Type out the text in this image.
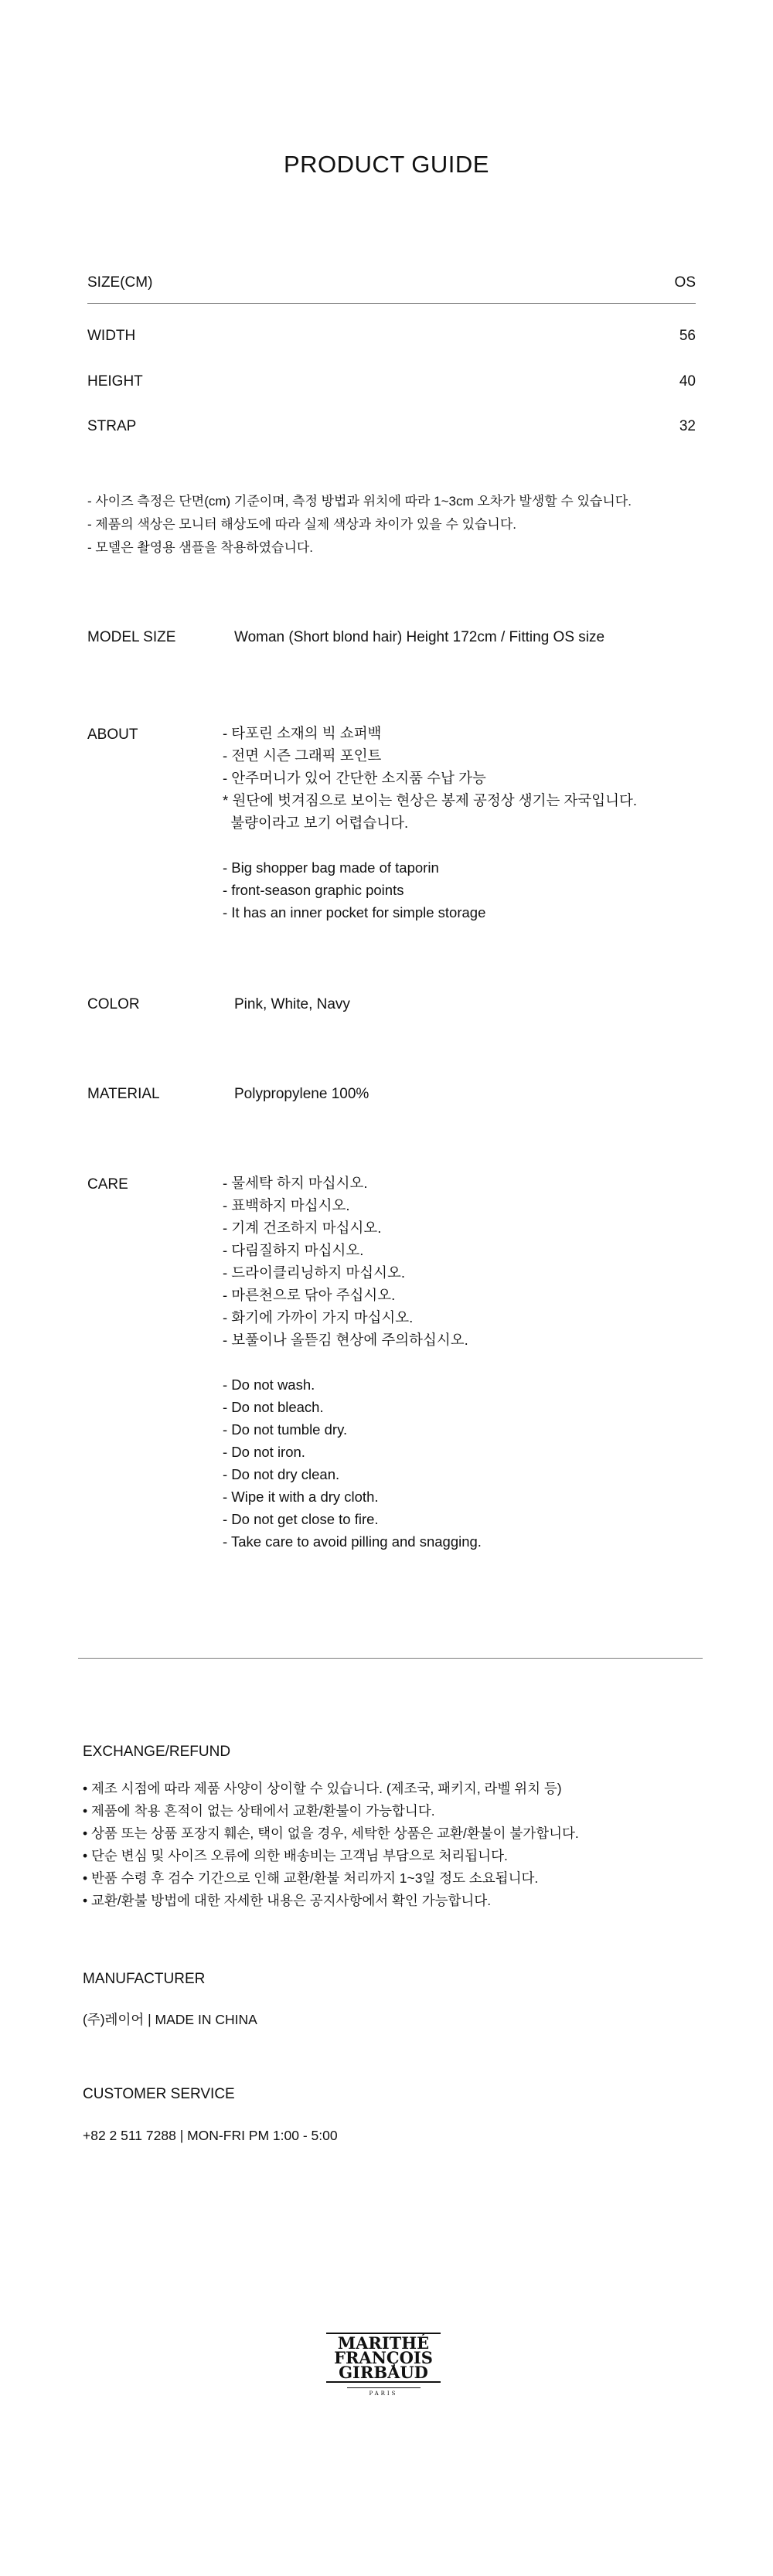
PRODUCT GUIDE
SIZE(CM)	OS
WIDTH	56
HEIGHT	40
STRAP	32
- 사이즈 측정은 단면(cm) 기준이며, 측정 방법과 위치에 따라 1~3cm 오차가 발생할 수 있습니다.
- 제품의 색상은 모니터 해상도에 따라 실제 색상과 차이가 있을 수 있습니다.
- 모델은 촬영용 샘플을 착용하였습니다.
MODEL SIZE	Woman (Short blond hair) Height 172cm / Fitting OS size
ABOUT	- 타포린 소재의 빅 쇼퍼백
- 전면 시즌 그래픽 포인트
- 안주머니가 있어 간단한 소지품 수납 가능
* 원단에 벗겨짐으로 보이는 현상은 봉제 공정상 생기는 자국입니다.
불량이라고 보기 어렵습니다.

- Big shopper bag made of taporin
- front-season graphic points
- It has an inner pocket for simple storage
COLOR	Pink, White, Navy
MATERIAL	Polypropylene 100%
CARE	- 물세탁 하지 마십시오.
- 표백하지 마십시오.
- 기계 건조하지 마십시오.
- 다림질하지 마십시오.
- 드라이클리닝하지 마십시오.
- 마른천으로 닦아 주십시오.
- 화기에 가까이 가지 마십시오.
- 보풀이나 올뜯김 현상에 주의하십시오.

- Do not wash.
- Do not bleach.
- Do not tumble dry.
- Do not iron.
- Do not dry clean.
- Wipe it with a dry cloth.
- Do not get close to fire.
- Take care to avoid pilling and snagging.
EXCHANGE/REFUND
• 제조 시점에 따라 제품 사양이 상이할 수 있습니다. (제조국, 패키지, 라벨 위치 등)
• 제품에 착용 흔적이 없는 상태에서 교환/환불이 가능합니다.
• 상품 또는 상품 포장지 훼손, 택이 없을 경우, 세탁한 상품은 교환/환불이 불가합니다.
• 단순 변심 및 사이즈 오류에 의한 배송비는 고객님 부담으로 처리됩니다.
• 반품 수령 후 검수 기간으로 인해 교환/환불 처리까지 1~3일 정도 소요됩니다.
• 교환/환불 방법에 대한 자세한 내용은 공지사항에서 확인 가능합니다.
MANUFACTURER
(주)레이어 | MADE IN CHINA
CUSTOMER SERVICE
+82 2 511 7288 | MON-FRI PM 1:00 - 5:00
MARITHÉ
FRANÇOIS
GIRBAUD
PARIS
